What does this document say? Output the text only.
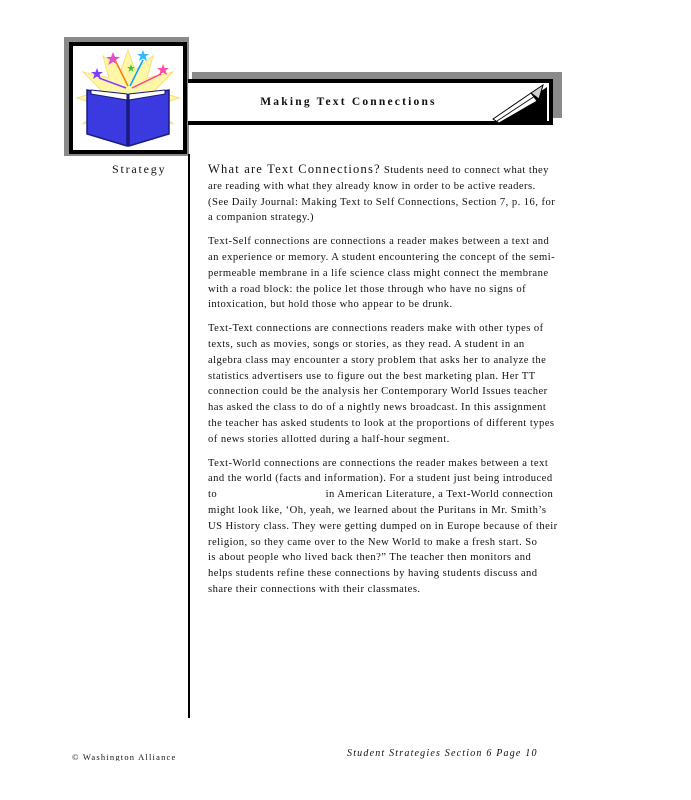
Making Text Connections
Strategy	What are Text Connections? Students need to connect what they are reading with what they already know in order to be active readers. (See Daily Journal: Making Text to Self Connections, Section 7, p. 16, for a companion strategy.)

Text-Self connections are connections a reader makes between a text and an experience or memory. A student encountering the concept of the semi-permeable membrane in a life science class might connect the membrane with a road block: the police let those through who have no signs of intoxication, but hold those who appear to be drunk.

Text-Text connections are connections readers make with other types of texts, such as movies, songs or stories, as they read. A student in an algebra class may encounter a story problem that asks her to analyze the statistics advertisers use to figure out the best marketing plan. Her TT connection could be the analysis her Contemporary World Issues teacher has asked the class to do of a nightly news broadcast. In this assignment the teacher has asked students to look at the proportions of different types of news stories allotted during a half-hour segment.

Text-World connections are connections the reader makes between a text and the world (facts and information). For a student just being introduced to                                   in American Literature, a Text-World connection might look like, ‘Oh, yeah, we learned about the Puritans in Mr. Smith’s US History class. They were getting dumped on in Europe because of their religion, so they came over to the New World to make a fresh start. So                                   is about people who lived back then?” The teacher then monitors and helps students refine these connections by having students discuss and share their connections with their classmates.

© Washington Alliance	Student Strategies Section 6 Page 10
